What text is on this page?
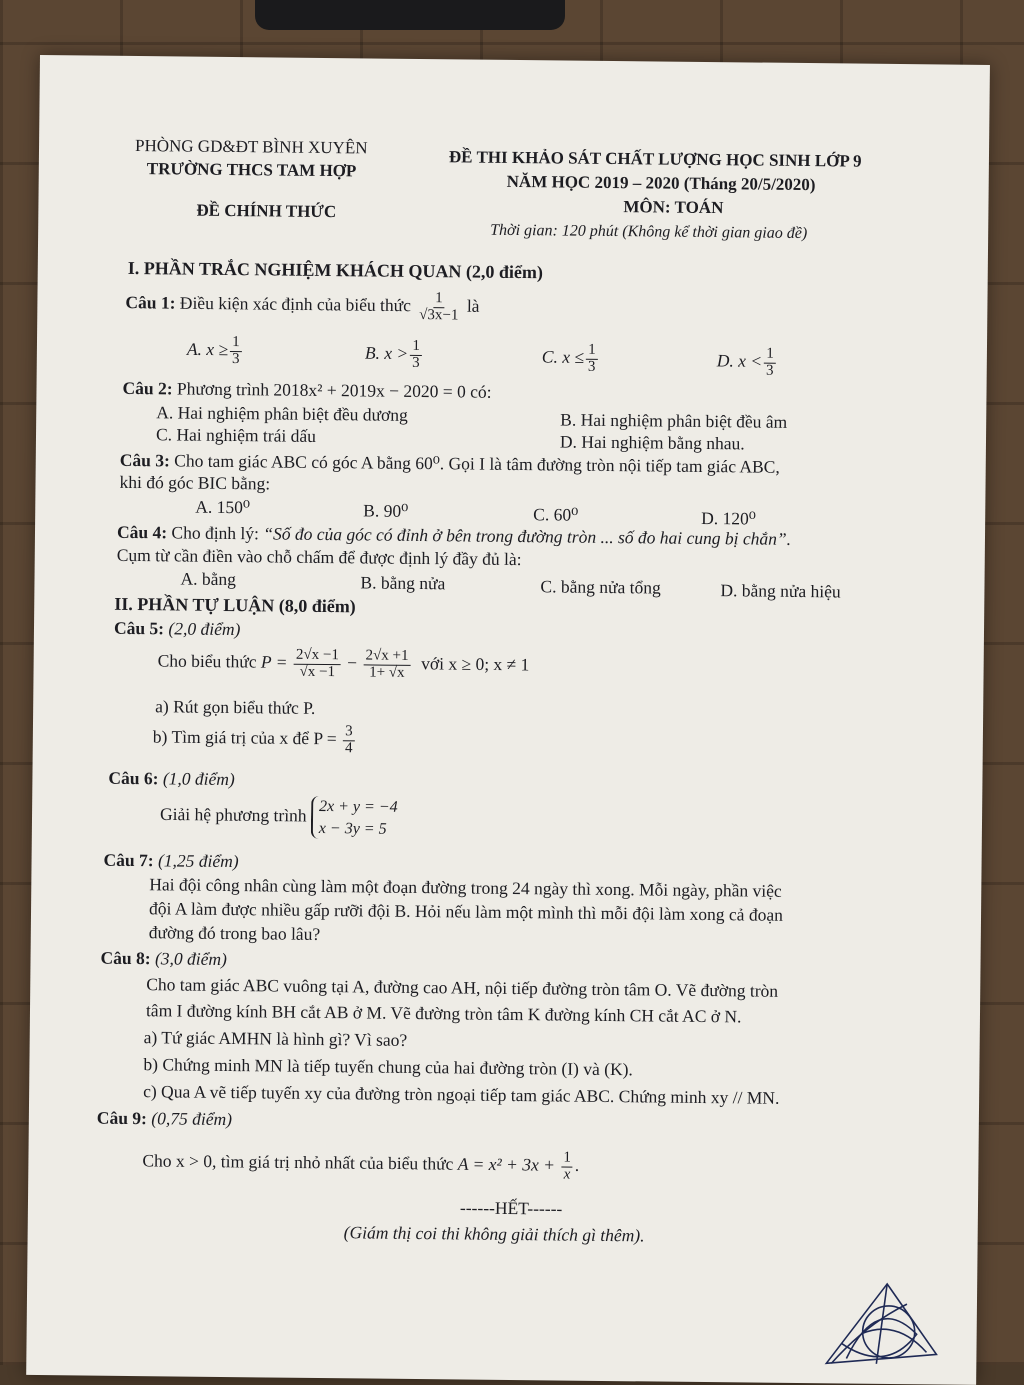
PHÒNG GD&ĐT BÌNH XUYÊN
TRƯỜNG THCS TAM HỢP
ĐỀ CHÍNH THỨC
ĐỀ THI KHẢO SÁT CHẤT LƯỢNG HỌC SINH LỚP 9
NĂM HỌC 2019 – 2020 (Tháng 20/5/2020)
MÔN: TOÁN
Thời gian: 120 phút (Không kể thời gian giao đề)
I. PHẦN TRẮC NGHIỆM KHÁCH QUAN (2,0 điểm)
Câu 1: Điều kiện xác định của biểu thức $\frac{1}{√3x-1}$ là
A. $x \ge \frac{1}{3}$	B. $x > \frac{1}{3}$	C. $x \le \frac{1}{3}$	D. $x < \frac{1}{3}$
Câu 2: Phương trình 2018x² + 2019x − 2020 = 0 có:
A. Hai nghiệm phân biệt đều dương	B. Hai nghiệm phân biệt đều âm
C. Hai nghiệm trái dấu	D. Hai nghiệm bằng nhau.
Câu 3: Cho tam giác ABC có góc A bằng 60⁰. Gọi I là tâm đường tròn nội tiếp tam giác ABC,
khi đó góc BIC bằng:
A. 150⁰	B. 90⁰	C. 60⁰	D. 120⁰
Câu 4: Cho định lý: “Số đo của góc có đỉnh ở bên trong đường tròn ... số đo hai cung bị chắn”.
Cụm từ cần điền vào chỗ chấm để được định lý đầy đủ là:
A. bằng	B. bằng nửa	C. bằng nửa tổng	D. bằng nửa hiệu
II. PHẦN TỰ LUẬN (8,0 điểm)
Câu 5: (2,0 điểm)
Cho biểu thức $P = \frac{2√x -1}{√x -1} - \frac{2√x +1}{1+ √x}$ với x ≥ 0; x ≠ 1
a) Rút gọn biểu thức P.
b) Tìm giá trị của x để $P = \frac{3}{4}$
Câu 6: (1,0 điểm)
Giải hệ phương trình 2x + y = −4
x − 3y = 5
Câu 7: (1,25 điểm)
Hai đội công nhân cùng làm một đoạn đường trong 24 ngày thì xong. Mỗi ngày, phần việc
đội A làm được nhiều gấp rưỡi đội B. Hỏi nếu làm một mình thì mỗi đội làm xong cả đoạn
đường đó trong bao lâu?
Câu 8: (3,0 điểm)
Cho tam giác ABC vuông tại A, đường cao AH, nội tiếp đường tròn tâm O. Vẽ đường tròn
tâm I đường kính BH cắt AB ở M. Vẽ đường tròn tâm K đường kính CH cắt AC ở N.
a) Tứ giác AMHN là hình gì? Vì sao?
b) Chứng minh MN là tiếp tuyến chung của hai đường tròn (I) và (K).
c) Qua A vẽ tiếp tuyến xy của đường tròn ngoại tiếp tam giác ABC. Chứng minh xy // MN.
Câu 9: (0,75 điểm)
Cho x > 0, tìm giá trị nhỏ nhất của biểu thức $A = x^2 + 3x + \frac{1}{x}$ .
------HẾT------
(Giám thị coi thi không giải thích gì thêm).
